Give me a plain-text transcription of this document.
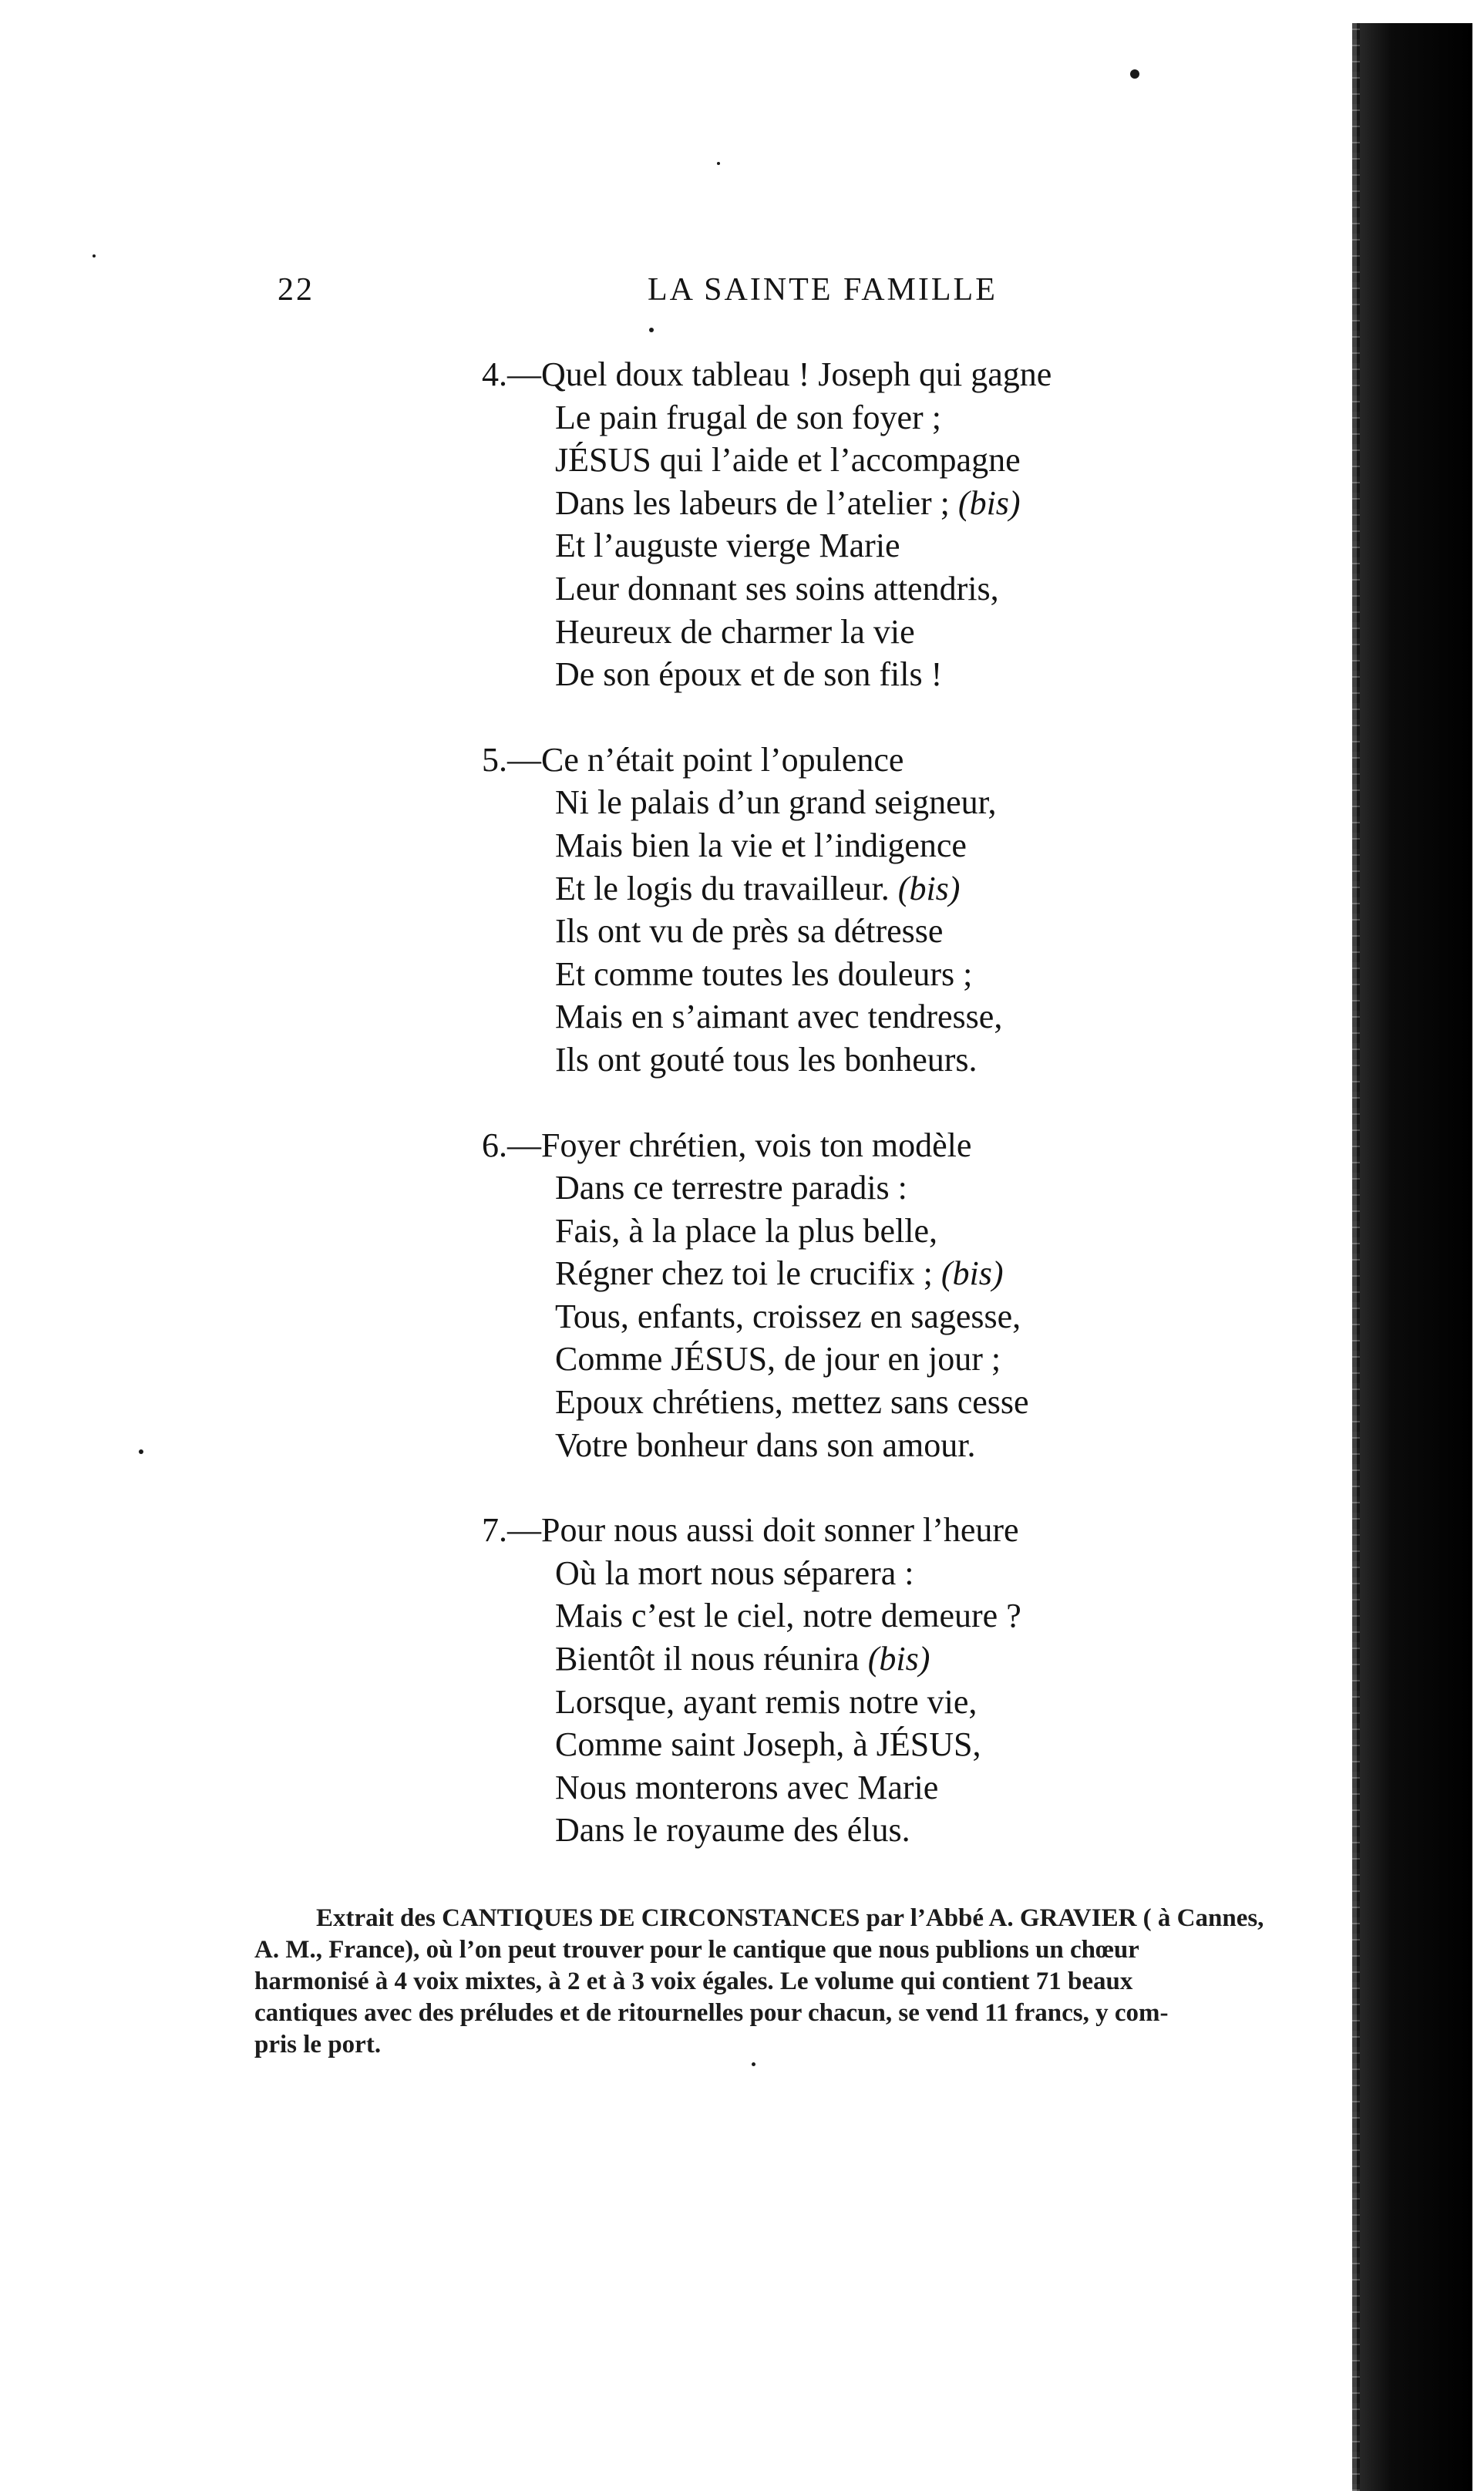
22	LA SAINTE FAMILLE
4.—Quel doux tableau ! Joseph qui gagne
Le pain frugal de son foyer ;
JÉSUS qui l’aide et l’accompagne
Dans les labeurs de l’atelier ; (bis)
Et l’auguste vierge Marie
Leur donnant ses soins attendris,
Heureux de charmer la vie
De son époux et de son fils !
5.—Ce n’était point l’opulence
Ni le palais d’un grand seigneur,
Mais bien la vie et l’indigence
Et le logis du travailleur. (bis)
Ils ont vu de près sa détresse
Et comme toutes les douleurs ;
Mais en s’aimant avec tendresse,
Ils ont gouté tous les bonheurs.
6.—Foyer chrétien, vois ton modèle
Dans ce terrestre paradis :
Fais, à la place la plus belle,
Régner chez toi le crucifix ; (bis)
Tous, enfants, croissez en sagesse,
Comme JÉSUS, de jour en jour ;
Epoux chrétiens, mettez sans cesse
Votre bonheur dans son amour.
7.—Pour nous aussi doit sonner l’heure
Où la mort nous séparera :
Mais c’est le ciel, notre demeure ?
Bientôt il nous réunira (bis)
Lorsque, ayant remis notre vie,
Comme saint Joseph, à JÉSUS,
Nous monterons avec Marie
Dans le royaume des élus.
Extrait des CANTIQUES DE CIRCONSTANCES par l’Abbé A. GRAVIER ( à Cannes,
A. M., France), où l’on peut trouver pour le cantique que nous publions un chœur
harmonisé à 4 voix mixtes, à 2 et à 3 voix égales. Le volume qui contient 71 beaux
cantiques avec des préludes et de ritournelles pour chacun, se vend 11 francs, y com-
pris le port.
